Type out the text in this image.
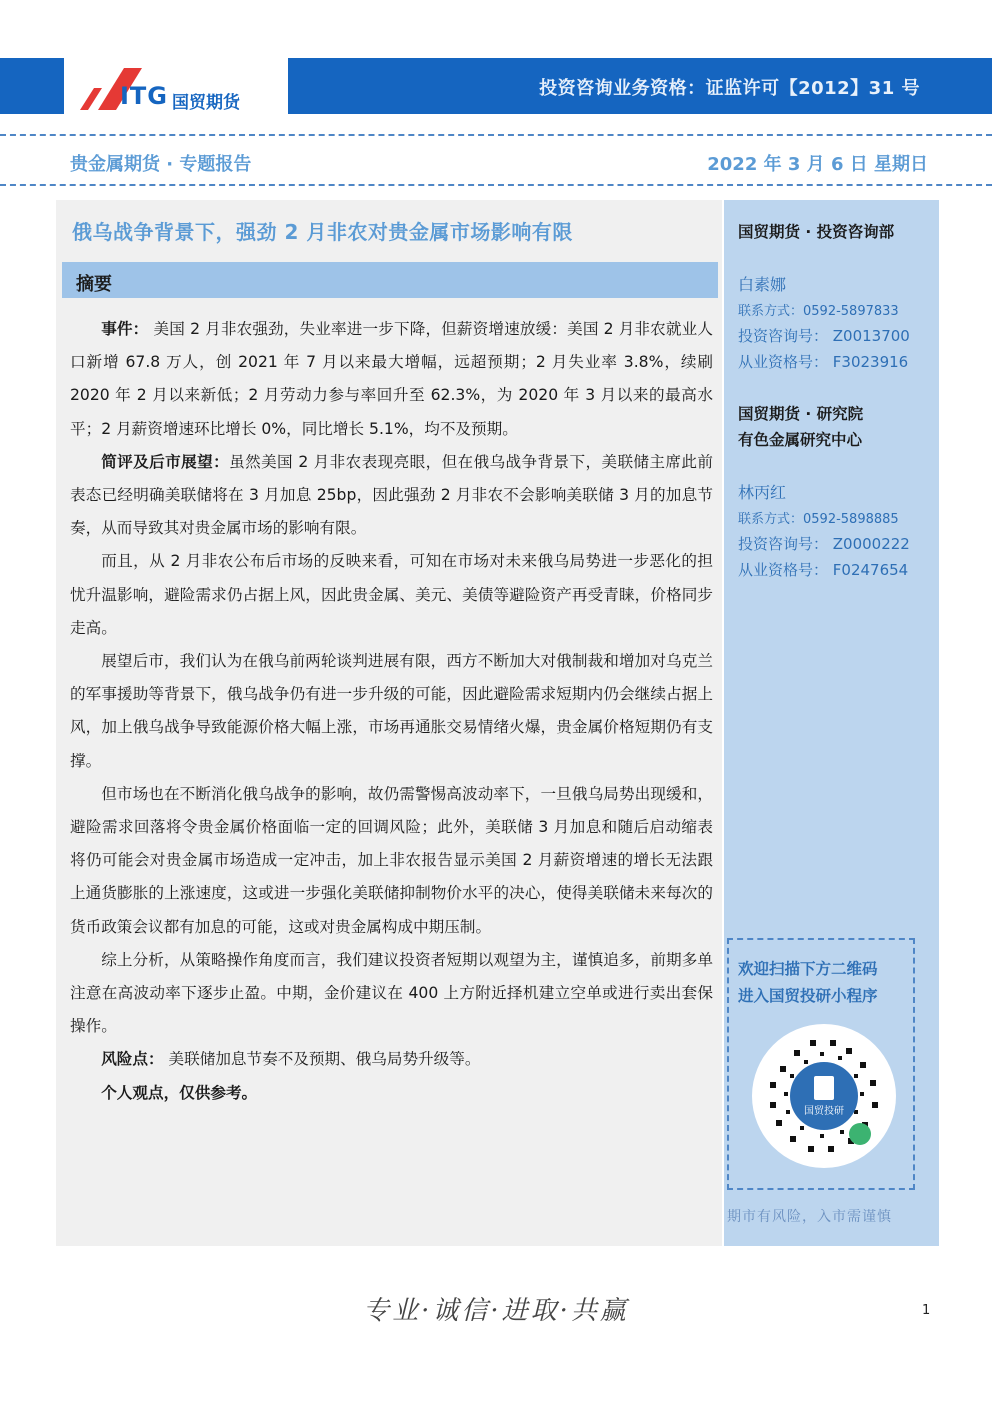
ITG 国贸期货
投资咨询业务资格：证监许可【2012】31 号
贵金属期货 · 专题报告	2022 年 3 月 6 日 星期日
俄乌战争背景下，强劲 2 月非农对贵金属市场影响有限
摘要

事件： 美国 2 月非农强劲，失业率进一步下降，但薪资增速放缓：美国 2 月非农就业人口新增 67.8 万人，创 2021 年 7 月以来最大增幅，远超预期；2 月失业率 3.8%，续刷 2020 年 2 月以来新低；2 月劳动力参与率回升至 62.3%，为 2020 年 3 月以来的最高水平；2 月薪资增速环比增长 0%，同比增长 5.1%，均不及预期。

简评及后市展望：虽然美国 2 月非农表现亮眼，但在俄乌战争背景下，美联储主席此前表态已经明确美联储将在 3 月加息 25bp，因此强劲 2 月非农不会影响美联储 3 月的加息节奏，从而导致其对贵金属市场的影响有限。

而且，从 2 月非农公布后市场的反映来看，可知在市场对未来俄乌局势进一步恶化的担忧升温影响，避险需求仍占据上风，因此贵金属、美元、美债等避险资产再受青睐，价格同步走高。

展望后市，我们认为在俄乌前两轮谈判进展有限，西方不断加大对俄制裁和增加对乌克兰的军事援助等背景下，俄乌战争仍有进一步升级的可能，因此避险需求短期内仍会继续占据上风，加上俄乌战争导致能源价格大幅上涨，市场再通胀交易情绪火爆，贵金属价格短期仍有支撑。

但市场也在不断消化俄乌战争的影响，故仍需警惕高波动率下，一旦俄乌局势出现缓和，避险需求回落将令贵金属价格面临一定的回调风险；此外，美联储 3 月加息和随后启动缩表将仍可能会对贵金属市场造成一定冲击，加上非农报告显示美国 2 月薪资增速的增长无法跟上通货膨胀的上涨速度，这或进一步强化美联储抑制物价水平的决心，使得美联储未来每次的货币政策会议都有加息的可能，这或对贵金属构成中期压制。

综上分析，从策略操作角度而言，我们建议投资者短期以观望为主，谨慎追多，前期多单注意在高波动率下逐步止盈。中期，金价建议在 400 上方附近择机建立空单或进行卖出套保操作。

风险点： 美联储加息节奏不及预期、俄乌局势升级等。

个人观点，仅供参考。

国贸期货 · 投资咨询部
白素娜
联系方式：0592-5897833
投资咨询号： Z0013700
从业资格号： F3023916
国贸期货 · 研究院
有色金属研究中心
林丙红
联系方式：0592-5898885
投资咨询号： Z0000222
从业资格号： F0247654
欢迎扫描下方二维码
进入国贸投研小程序
国贸投研
期市有风险，入市需谨慎
专业·诚信·进取·共赢	1
